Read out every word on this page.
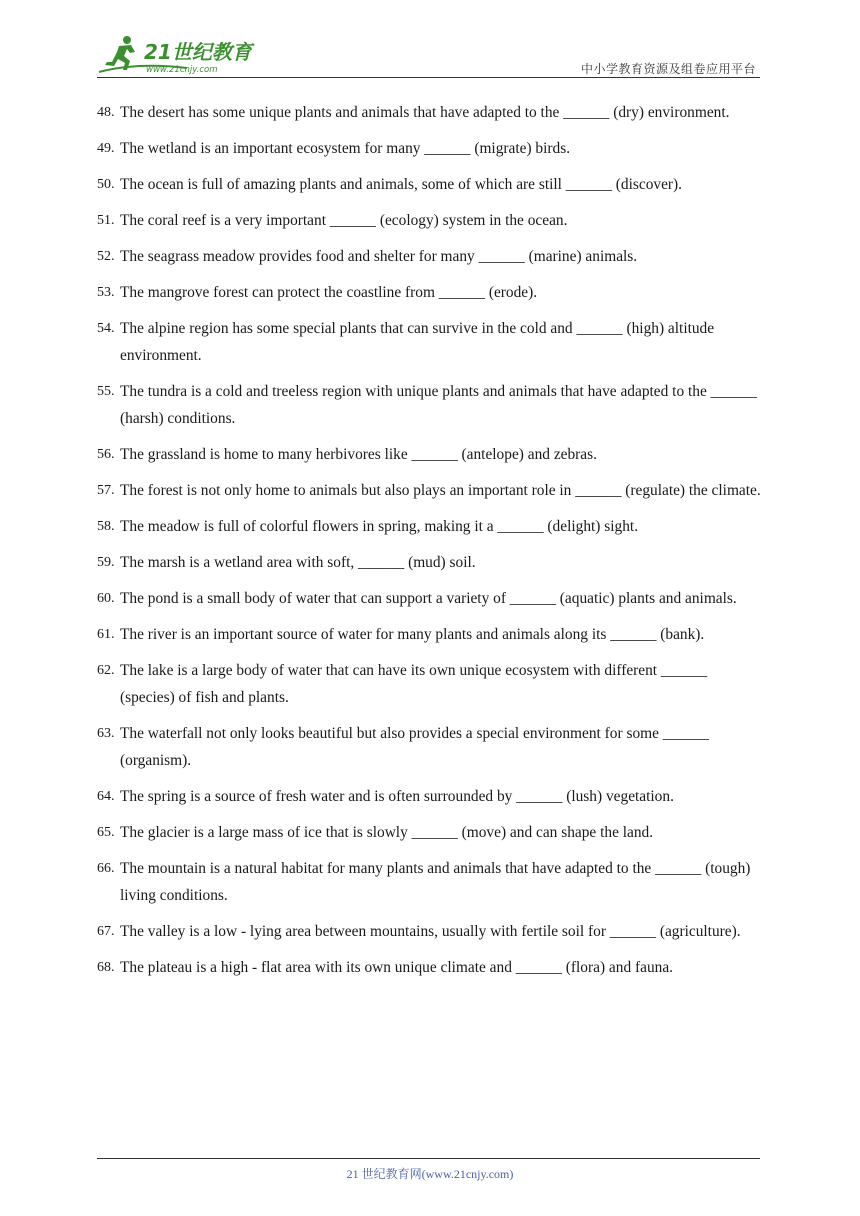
21世纪教育
www.21cnjy.com	中小学教育资源及组卷应用平台
48. The desert has some unique plants and animals that have adapted to the ______ (dry) environment.
49. The wetland is an important ecosystem for many ______ (migrate) birds.
50. The ocean is full of amazing plants and animals, some of which are still ______ (discover).
51. The coral reef is a very important ______ (ecology) system in the ocean.
52. The seagrass meadow provides food and shelter for many ______ (marine) animals.
53. The mangrove forest can protect the coastline from ______ (erode).
54. The alpine region has some special plants that can survive in the cold and ______ (high) altitude environment.
55. The tundra is a cold and treeless region with unique plants and animals that have adapted to the ______ (harsh) conditions.
56. The grassland is home to many herbivores like ______ (antelope) and zebras.
57. The forest is not only home to animals but also plays an important role in ______ (regulate) the climate.
58. The meadow is full of colorful flowers in spring, making it a ______ (delight) sight.
59. The marsh is a wetland area with soft, ______ (mud) soil.
60. The pond is a small body of water that can support a variety of ______ (aquatic) plants and animals.
61. The river is an important source of water for many plants and animals along its ______ (bank).
62. The lake is a large body of water that can have its own unique ecosystem with different ______ (species) of fish and plants.
63. The waterfall not only looks beautiful but also provides a special environment for some ______ (organism).
64. The spring is a source of fresh water and is often surrounded by ______ (lush) vegetation.
65. The glacier is a large mass of ice that is slowly ______ (move) and can shape the land.
66. The mountain is a natural habitat for many plants and animals that have adapted to the ______ (tough) living conditions.
67. The valley is a low - lying area between mountains, usually with fertile soil for ______ (agriculture).
68. The plateau is a high - flat area with its own unique climate and ______ (flora) and fauna.
21 世纪教育网(www.21cnjy.com)
